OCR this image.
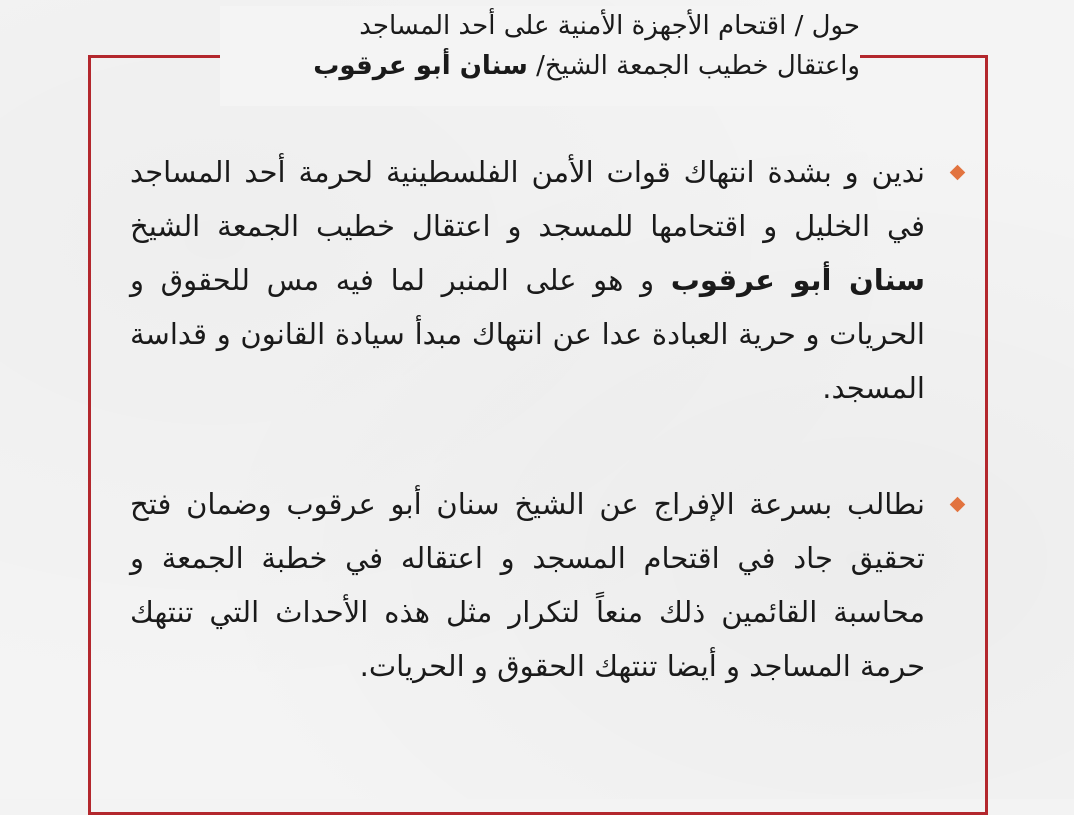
حول / اقتحام الأجهزة الأمنية على أحد المساجد
واعتقال خطيب الجمعة الشيخ/ سنان أبو عرقوب

ندين و بشدة انتهاك قوات الأمن الفلسطينية لحرمة أحد المساجد في الخليل و اقتحامها للمسجد و اعتقال خطيب الجمعة الشيخ سنان أبو عرقوب و هو على المنبر لما فيه مس للحقوق و الحريات و حرية العبادة عدا عن انتهاك مبدأ سيادة القانون و قداسة المسجد.

نطالب بسرعة الإفراج عن الشيخ سنان أبو عرقوب وضمان فتح تحقيق جاد في اقتحام المسجد و اعتقاله في خطبة الجمعة و محاسبة القائمين ذلك منعاً لتكرار مثل هذه الأحداث التي تنتهك حرمة المساجد و أيضا تنتهك الحقوق و الحريات.
